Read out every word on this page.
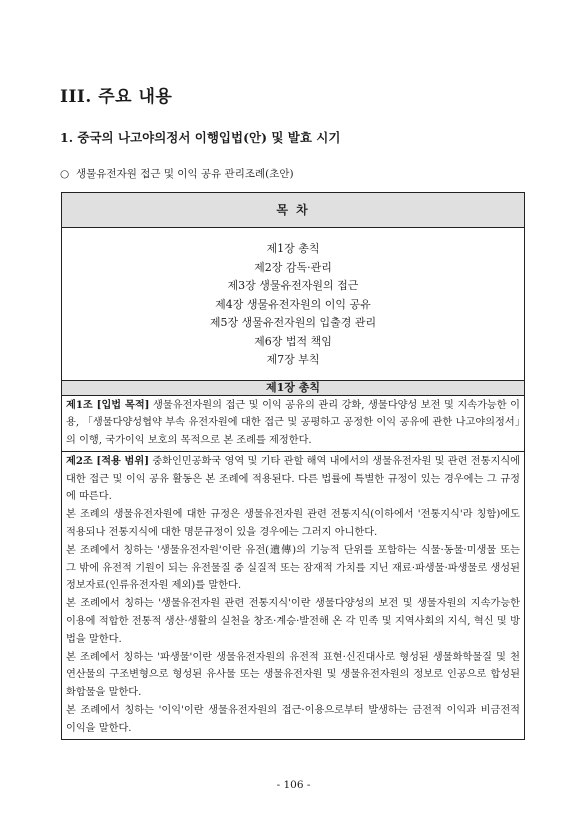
III. 주요 내용
1. 중국의 나고야의정서 이행입법(안) 및 발효 시기
○ 생물유전자원 접근 및 이익 공유 관리조례(초안)
목 차
제1장 총칙
제2장 감독·관리
제3장 생물유전자원의 접근
제4장 생물유전자원의 이익 공유
제5장 생물유전자원의 입출경 관리
제6장 법적 책임
제7장 부칙
제1장 총칙

제1조 [입법 목적] 생물유전자원의 접근 및 이익 공유의 관리 강화, 생물다양성 보전 및 지속가능한 이용, 「생물다양성협약 부속 유전자원에 대한 접근 및 공평하고 공정한 이익 공유에 관한 나고야의정서」의 이행, 국가이익 보호의 목적으로 본 조례를 제정한다.

제2조 [적용 범위] 중화인민공화국 영역 및 기타 관할 해역 내에서의 생물유전자원 및 관련 전통지식에 대한 접근 및 이익 공유 활동은 본 조례에 적용된다. 다른 법률에 특별한 규정이 있는 경우에는 그 규정에 따른다.

본 조례의 생물유전자원에 대한 규정은 생물유전자원 관련 전통지식(이하에서 '전통지식'라 칭함)에도 적용되나 전통지식에 대한 명문규정이 있을 경우에는 그러지 아니한다.

본 조례에서 칭하는 '생물유전자원'이란 유전(遺傳)의 기능적 단위를 포함하는 식물·동물·미생물 또는 그 밖에 유전적 기원이 되는 유전물질 중 실질적 또는 잠재적 가치를 지닌 재료·파생물·파생물로 생성된 정보자료(인류유전자원 제외)를 말한다.

본 조례에서 칭하는 '생물유전자원 관련 전통지식'이란 생물다양성의 보전 및 생물자원의 지속가능한 이용에 적합한 전통적 생산·생활의 실천을 창조·계승·발전해 온 각 민족 및 지역사회의 지식, 혁신 및 방법을 말한다.

본 조례에서 칭하는 '파생물'이란 생물유전자원의 유전적 표현·신진대사로 형성된 생물화학물질 및 천연산물의 구조변형으로 형성된 유사물 또는 생물유전자원 및 생물유전자원의 정보로 인공으로 합성된 화합물을 말한다.

본 조례에서 칭하는 '이익'이란 생물유전자원의 접근·이용으로부터 발생하는 금전적 이익과 비금전적 이익을 말한다.

- 106 -
